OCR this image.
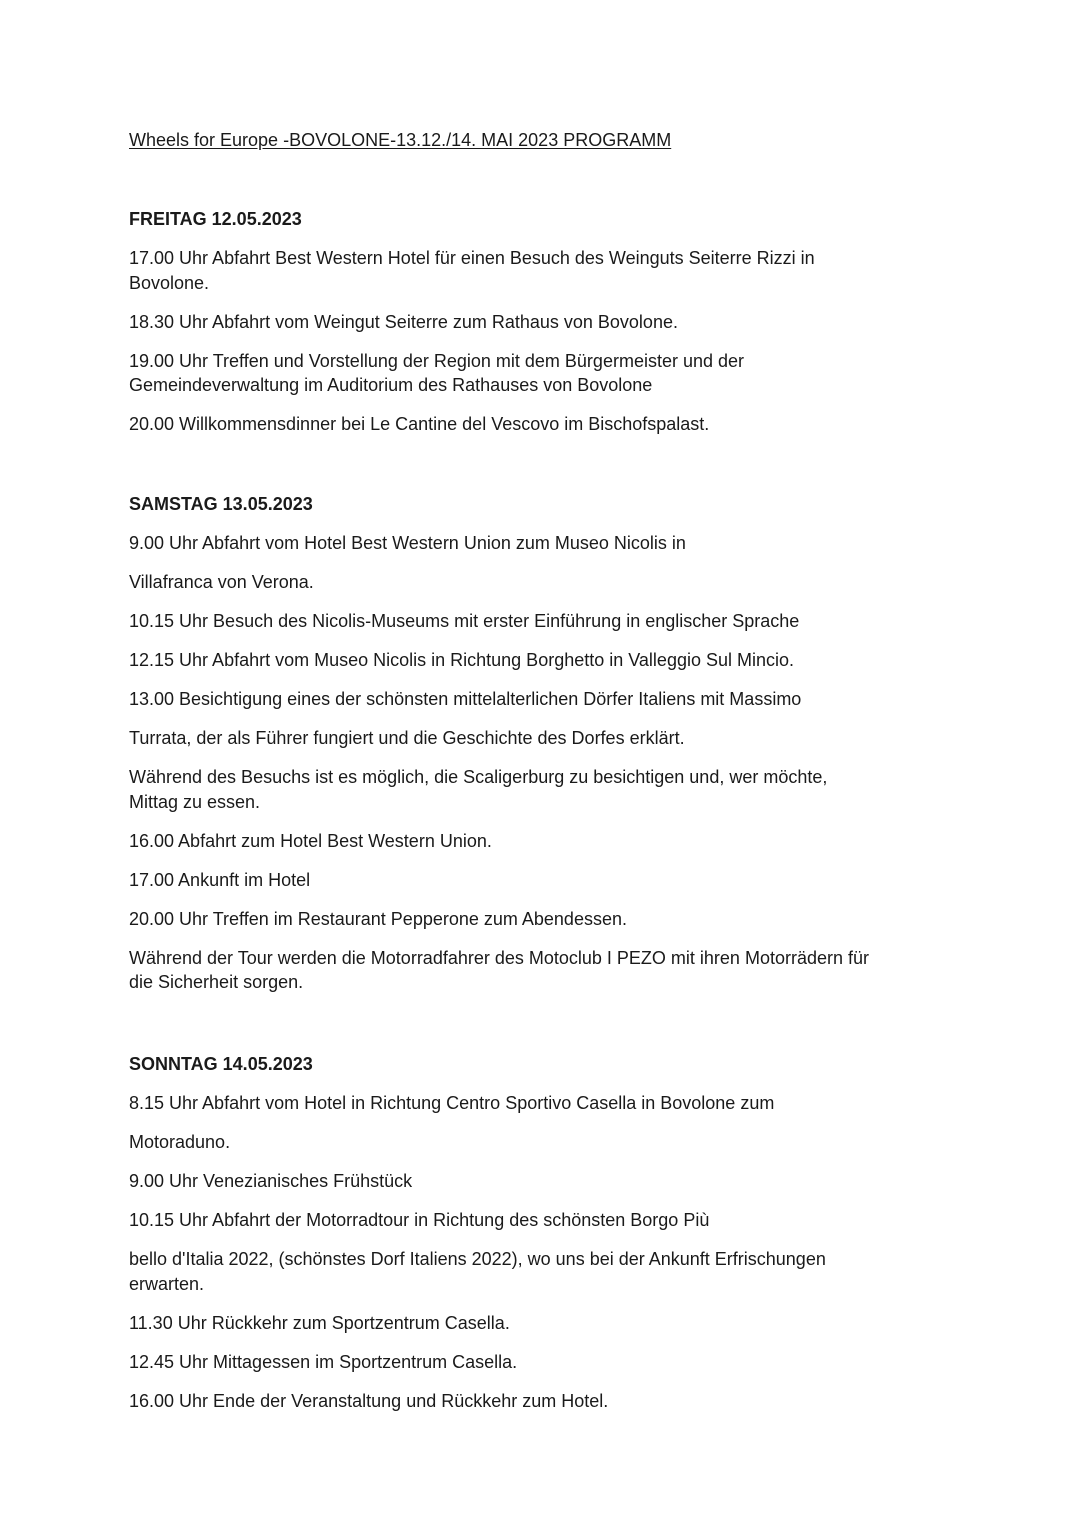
Wheels for Europe -BOVOLONE-13.12./14. MAI 2023 PROGRAMM
FREITAG 12.05.2023
17.00 Uhr Abfahrt Best Western Hotel für einen Besuch des Weinguts Seiterre Rizzi in
Bovolone.
18.30 Uhr Abfahrt vom Weingut Seiterre zum Rathaus von Bovolone.
19.00 Uhr Treffen und Vorstellung der Region mit dem Bürgermeister und der
Gemeindeverwaltung im Auditorium des Rathauses von Bovolone
20.00 Willkommensdinner bei Le Cantine del Vescovo im Bischofspalast.
SAMSTAG 13.05.2023
9.00 Uhr Abfahrt vom Hotel Best Western Union zum Museo Nicolis in
Villafranca von Verona.
10.15 Uhr Besuch des Nicolis-Museums mit erster Einführung in englischer Sprache
12.15 Uhr Abfahrt vom Museo Nicolis in Richtung Borghetto in Valleggio Sul Mincio.
13.00 Besichtigung eines der schönsten mittelalterlichen Dörfer Italiens mit Massimo
Turrata, der als Führer fungiert und die Geschichte des Dorfes erklärt.
Während des Besuchs ist es möglich, die Scaligerburg zu besichtigen und, wer möchte,
Mittag zu essen.
16.00 Abfahrt zum Hotel Best Western Union.
17.00 Ankunft im Hotel
20.00 Uhr Treffen im Restaurant Pepperone zum Abendessen.
Während der Tour werden die Motorradfahrer des Motoclub I PEZO mit ihren Motorrädern für
die Sicherheit sorgen.
SONNTAG 14.05.2023
8.15 Uhr Abfahrt vom Hotel in Richtung Centro Sportivo Casella in Bovolone zum
Motoraduno.
9.00 Uhr Venezianisches Frühstück
10.15 Uhr Abfahrt der Motorradtour in Richtung des schönsten Borgo Più
bello d'Italia 2022, (schönstes Dorf Italiens 2022), wo uns bei der Ankunft Erfrischungen
erwarten.
11.30 Uhr Rückkehr zum Sportzentrum Casella.
12.45 Uhr Mittagessen im Sportzentrum Casella.
16.00 Uhr Ende der Veranstaltung und Rückkehr zum Hotel.
